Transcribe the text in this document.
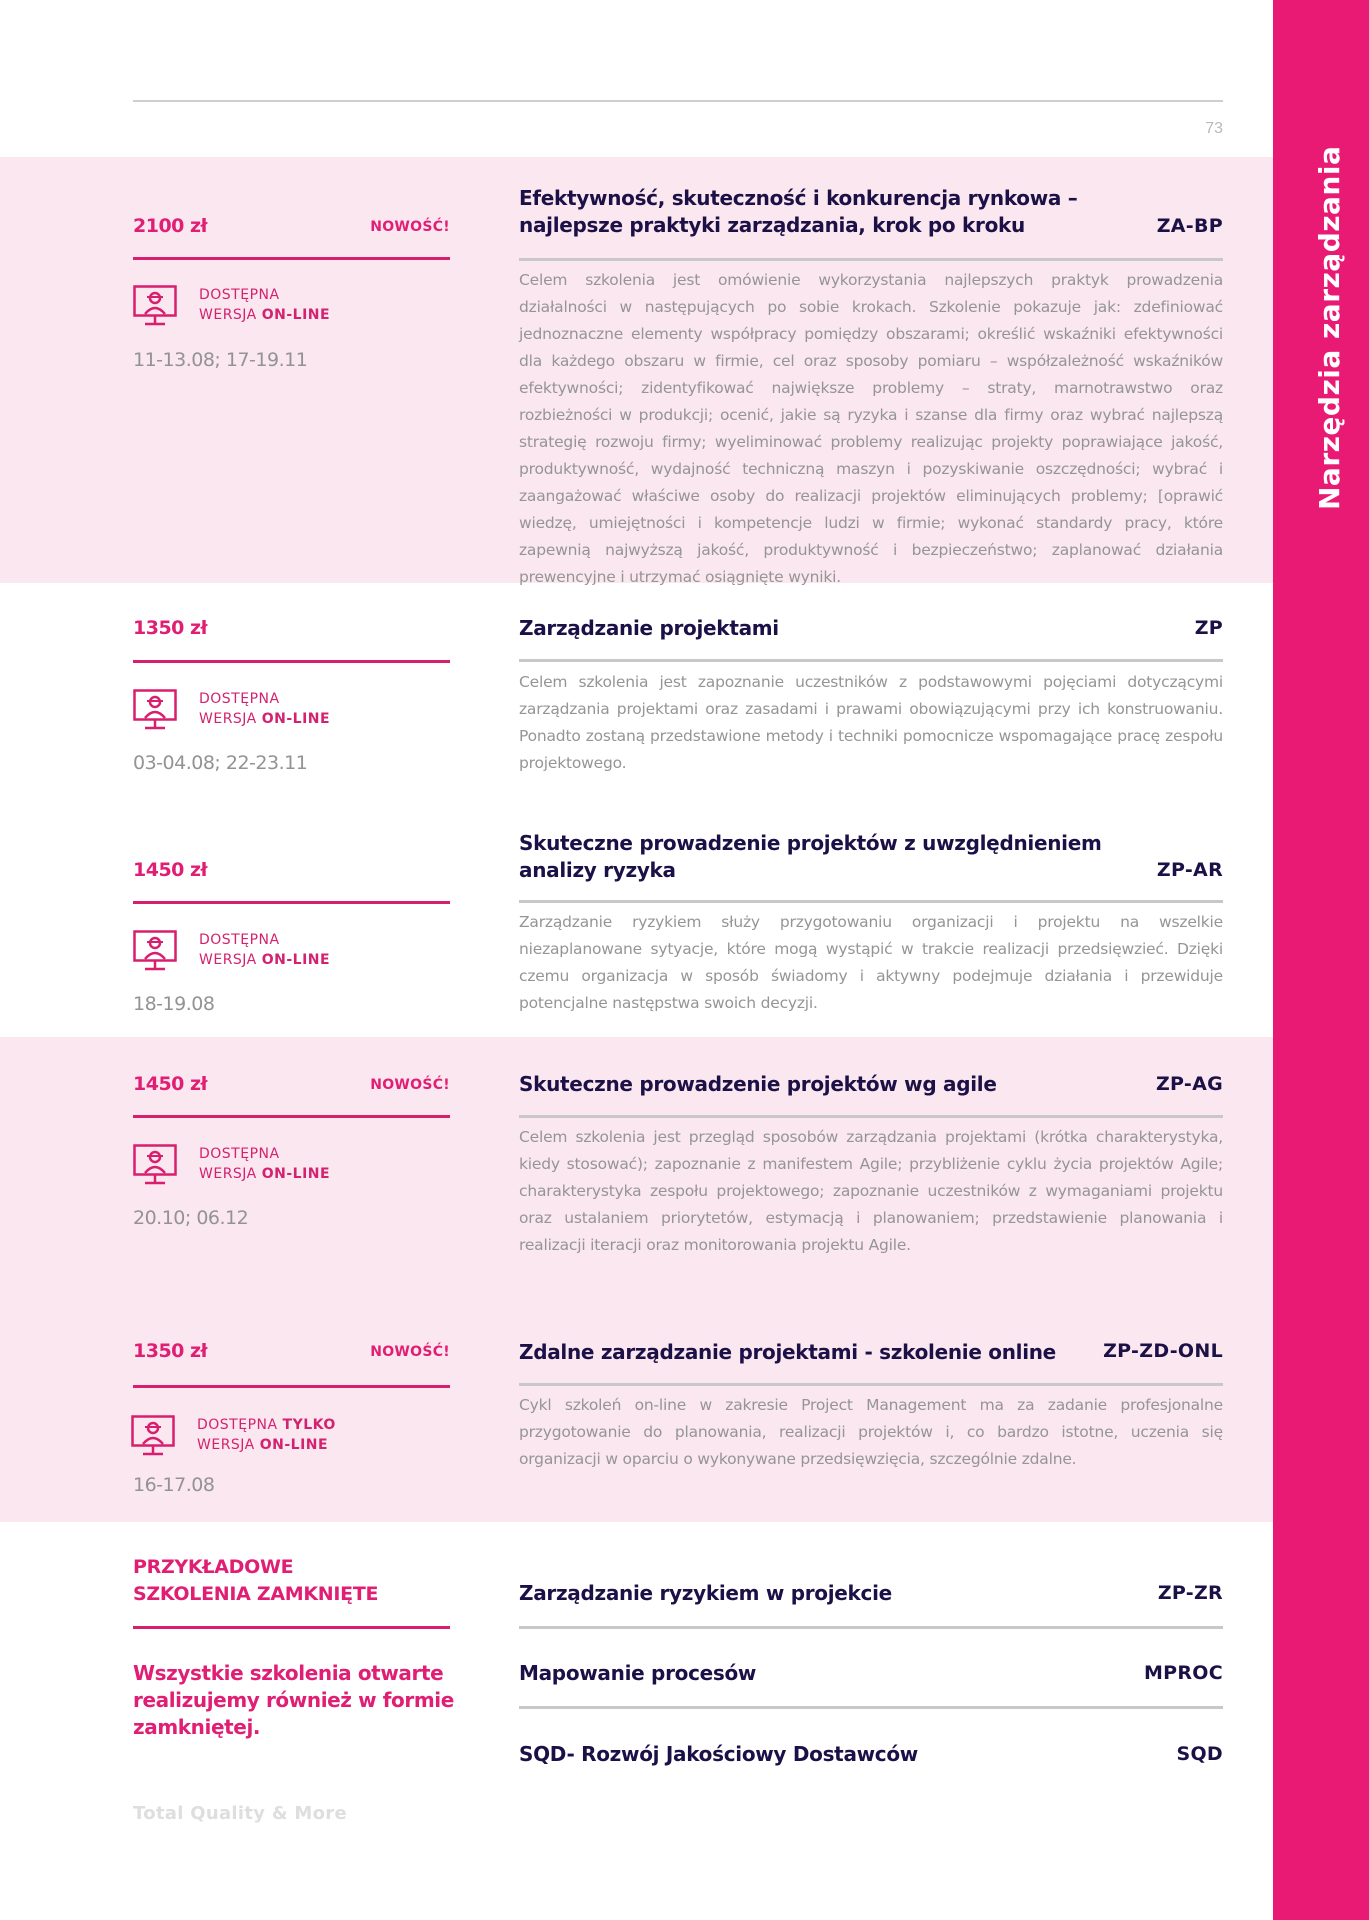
Narzędzia zarządzania
73
2100 zł	NOWOŚĆ!
DOSTĘPNA
WERSJA ON-LINE
11-13.08; 17-19.11
Efektywność, skuteczność i konkurencja rynkowa – najlepsze praktyki zarządzania, krok po kroku	ZA-BP
Celem szkolenia jest omówienie wykorzystania najlepszych praktyk prowadzenia działalności w następujących po sobie krokach. Szkolenie pokazuje jak: zdefiniować jednoznaczne elementy współpracy pomiędzy obszarami; określić wskaźniki efektywności dla każdego obszaru w firmie, cel oraz sposoby pomiaru – współzależność wskaźników efektywności; zidentyfikować największe problemy – straty, marnotrawstwo oraz rozbieżności w produkcji; ocenić, jakie są ryzyka i szanse dla firmy oraz wybrać najlepszą strategię rozwoju firmy; wyeliminować problemy realizując projekty poprawiające jakość, produktywność, wydajność techniczną maszyn i pozyskiwanie oszczędności; wybrać i zaangażować właściwe osoby do realizacji projektów eliminujących problemy; [oprawić wiedzę, umiejętności i kompetencje ludzi w firmie; wykonać standardy pracy, które zapewnią najwyższą jakość, produktywność i bezpieczeństwo; zaplanować działania prewencyjne i utrzymać osiągnięte wyniki.
1350 zł
DOSTĘPNA
WERSJA ON-LINE
03-04.08; 22-23.11
Zarządzanie projektami	ZP
Celem szkolenia jest zapoznanie uczestników z podstawowymi pojęciami dotyczącymi zarządzania projektami oraz zasadami i prawami obowiązującymi przy ich konstruowaniu. Ponadto zostaną przedstawione metody i techniki pomocnicze wspomagające pracę zespołu projektowego.
1450 zł
DOSTĘPNA
WERSJA ON-LINE
18-19.08
Skuteczne prowadzenie projektów z uwzględnieniem analizy ryzyka	ZP-AR
Zarządzanie ryzykiem służy przygotowaniu organizacji i projektu na wszelkie niezaplanowane sytyacje, które mogą wystąpić w trakcie realizacji przedsięwzieć. Dzięki czemu organizacja w sposób świadomy i aktywny podejmuje działania i przewiduje potencjalne następstwa swoich decyzji.
1450 zł	NOWOŚĆ!
DOSTĘPNA
WERSJA ON-LINE
20.10; 06.12
Skuteczne prowadzenie projektów wg agile	ZP-AG
Celem szkolenia jest przegląd sposobów zarządzania projektami (krótka charakterystyka, kiedy stosować); zapoznanie z manifestem Agile; przybliżenie cyklu życia projektów Agile; charakterystyka zespołu projektowego; zapoznanie uczestników z wymaganiami projektu oraz ustalaniem priorytetów, estymacją i planowaniem; przedstawienie planowania i realizacji iteracji oraz monitorowania projektu Agile.
1350 zł	NOWOŚĆ!
DOSTĘPNA TYLKO
WERSJA ON-LINE
16-17.08
Zdalne zarządzanie projektami - szkolenie online	ZP-ZD-ONL
Cykl szkoleń on-line w zakresie Project Management ma za zadanie profesjonalne przygotowanie do planowania, realizacji projektów i, co bardzo istotne, uczenia się organizacji w oparciu o wykonywane przedsięwzięcia, szczególnie zdalne.
PRZYKŁADOWE
SZKOLENIA ZAMKNIĘTE
Wszystkie szkolenia otwarte realizujemy również w formie zamkniętej.
Zarządzanie ryzykiem w projekcie	ZP-ZR
Mapowanie procesów	MPROC
SQD- Rozwój Jakościowy Dostawców	SQD
Total Quality & More
